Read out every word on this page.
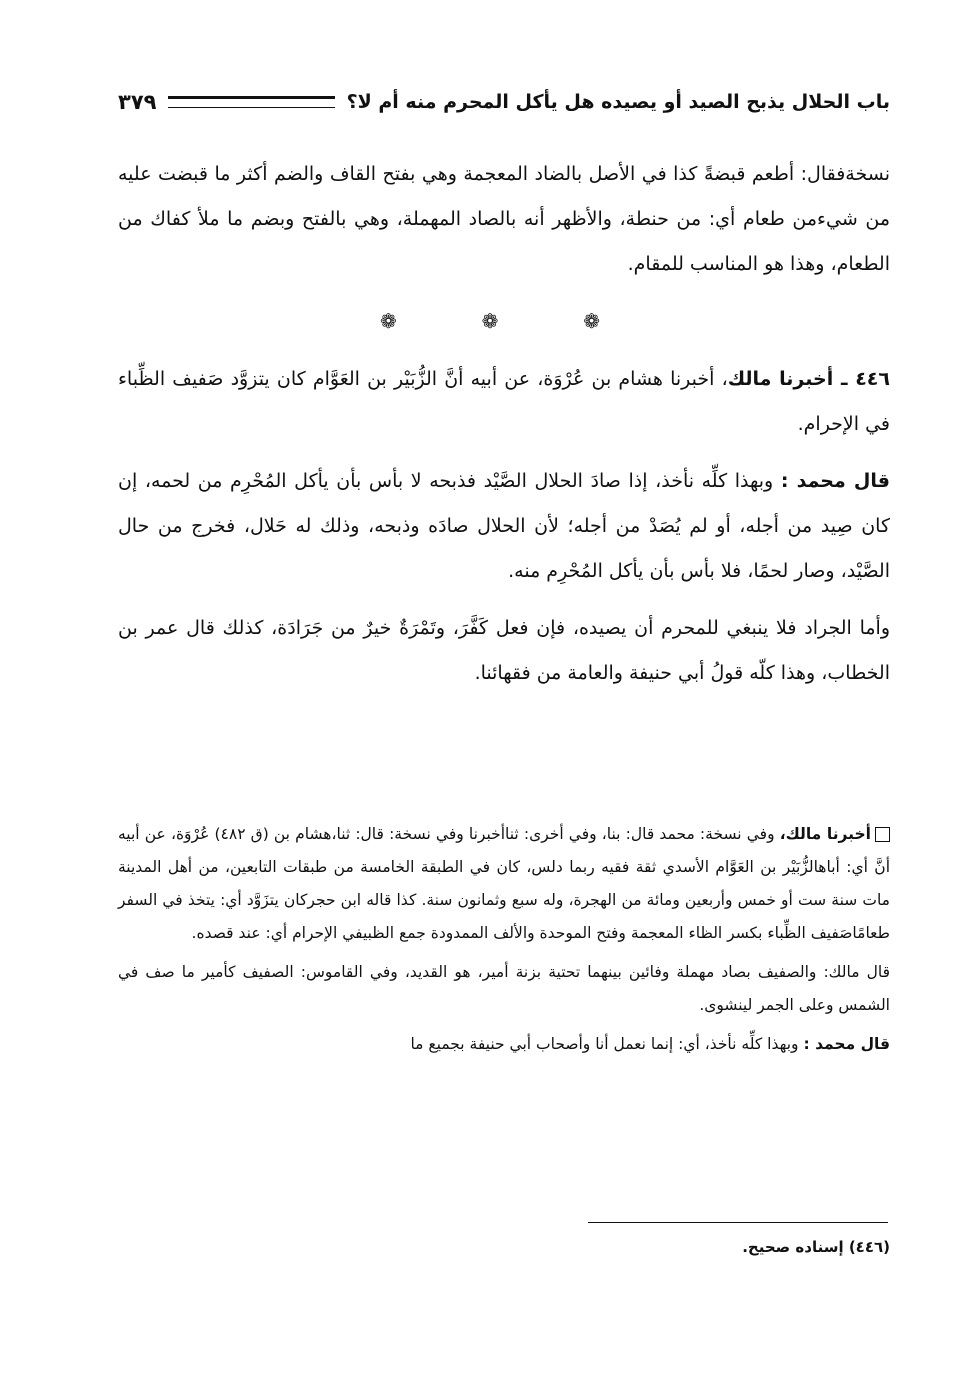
باب الحلال يذبح الصيد أو يصيده هل يأكل المحرم منه أم لا؟
٣٧٩

نسخةفقال: أطعم قبضةً كذا في الأصل بالضاد المعجمة وهي بفتح القاف والضم أكثر ما قبضت عليه من شيءمن طعام أي: من حنطة، والأظهر أنه بالصاد المهملة، وهي بالفتح وبضم ما ملأ كفاك من الطعام، وهذا هو المناسب للمقام.

❁	❁	❁

٤٤٦ ـ أخبرنا مالك، أخبرنا هشام بن عُرْوَة، عن أبيه أنَّ الزُّبَيْر بن العَوَّام كان يتزوَّد صَفيف الظِّباء في الإحرام.

قال محمد : وبهذا كلِّه نأخذ، إذا صادَ الحلال الصَّيْد فذبحه لا بأس بأن يأكل المُحْرِم من لحمه، إن كان صِيد من أجله، أو لم يُصَدْ من أجله؛ لأن الحلال صادَه وذبحه، وذلك له حَلال، فخرج من حال الصَّيْد، وصار لحمًا، فلا بأس بأن يأكل المُحْرِم منه.

وأما الجراد فلا ينبغي للمحرم أن يصيده، فإن فعل كَفَّرَ، وتَمْرَةٌ خيرٌ من جَرَادَة، كذلك قال عمر بن الخطاب، وهذا كلّه قولُ أبي حنيفة والعامة من فقهائنا.

أخبرنا مالك، وفي نسخة: محمد قال: بنا، وفي أخرى: ثناأخبرنا وفي نسخة: قال: ثنا،هشام بن (ق ٤٨٢) عُرْوَة، عن أبيه أنَّ أي: أباهالزُّبَيْر بن العَوَّام الأسدي ثقة فقيه ربما دلس، كان في الطبقة الخامسة من طبقات التابعين، من أهل المدينة مات سنة ست أو خمس وأربعين ومائة من الهجرة، وله سبع وثمانون سنة. كذا قاله ابن حجركان يتزَوَّد أي: يتخذ في السفر طعامًاصَفيف الظِّباء بكسر الظاء المعجمة وفتح الموحدة والألف الممدودة جمع الظبيفي الإحرام أي: عند قصده.

قال مالك: والصفيف بصاد مهملة وفائين بينهما تحتية بزنة أمير، هو القديد، وفي القاموس: الصفيف كأمير ما صف في الشمس وعلى الجمر لينشوى.

قال محمد : وبهذا كلِّه نأخذ، أي: إنما نعمل أنا وأصحاب أبي حنيفة بجميع ما

(٤٤٦) إسناده صحيح.
